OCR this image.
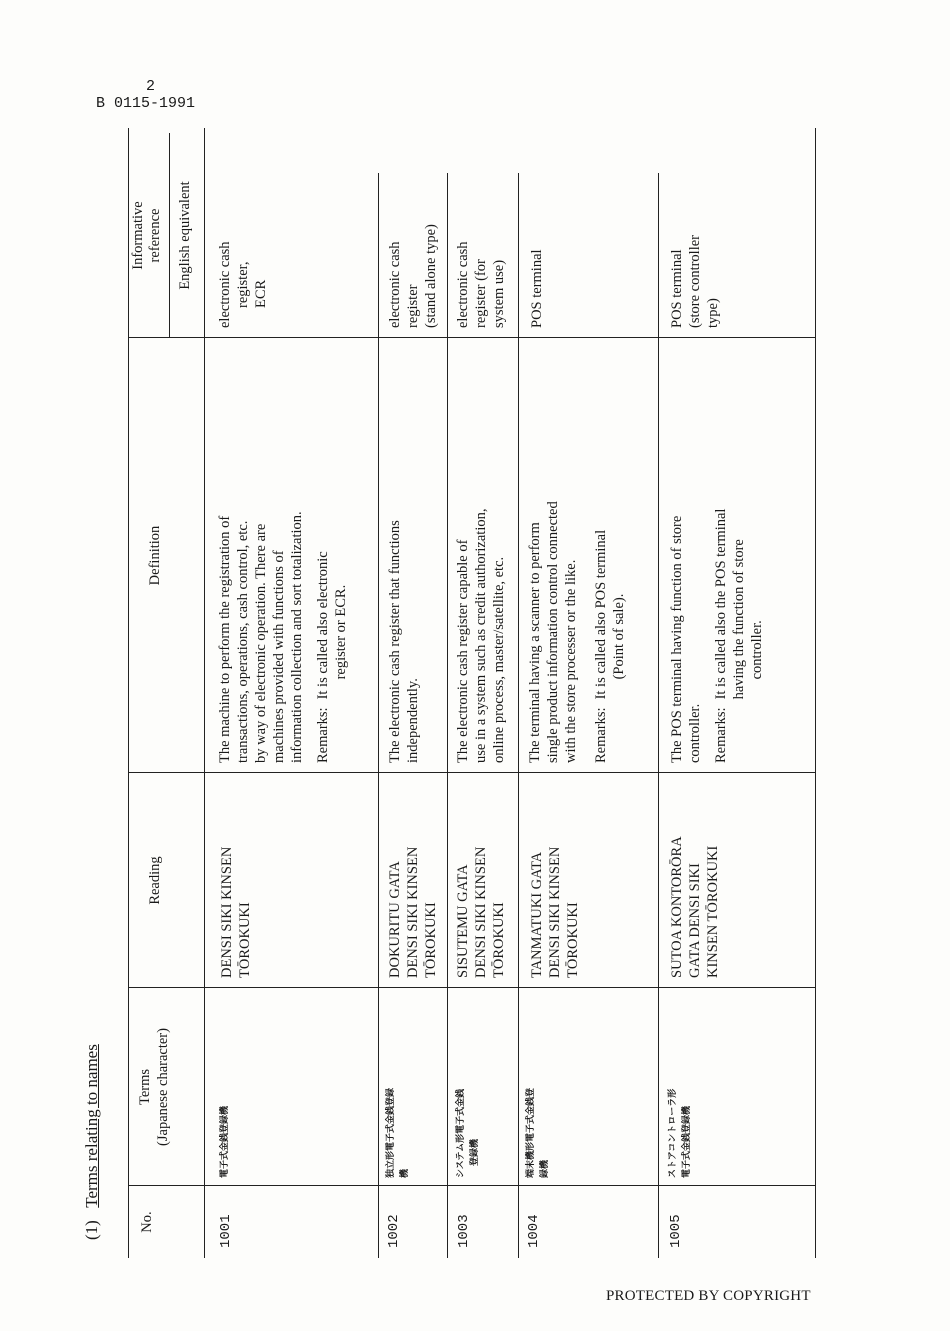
2
B 0115-1991
(1)   Terms relating to names
No.
Terms (Japanese character)
Reading
Definition
Informative reference English equivalent
1001
電子式金銭登録機
DENSI SIKI KINSEN TŌROKUKI
The machine to perform the registration of transactions, operations, cash control, etc. by way of electronic operation. There are machines provided with functions of information collection and sort totalization. Remarks:
It is called also electronic register or ECR.
electronic cash register, ECR
1002
独立形電子式金銭登録 機
DOKURITU GATA DENSI SIKI KINSEN TŌROKUKI
The electronic cash register that functions independently.
electronic cash register (stand alone type)
1003
システム形電子式金銭 登録機
SISUTEMU GATA DENSI SIKI KINSEN TŌROKUKI
The electronic cash register capable of use in a system such as credit authorization, online process, master/satellite, etc.
electronic cash register (for system use)
1004
端末機形電子式金銭登 録機
TANMATUKI GATA DENSI SIKI KINSEN TŌROKUKI
The terminal having a scanner to perform single product information control connected with the store processer or the like. Remarks:
It is called also POS terminal (Point of sale).
POS terminal
1005
ストアコントローラ形 電子式金銭登録機
SUTOA KONTORŌRA GATA DENSI SIKI KINSEN TŌROKUKI
The POS terminal having function of store controller. Remarks:
It is called also the POS terminal having the function of store controller.
POS terminal (store controller type)
PROTECTED BY COPYRIGHT
